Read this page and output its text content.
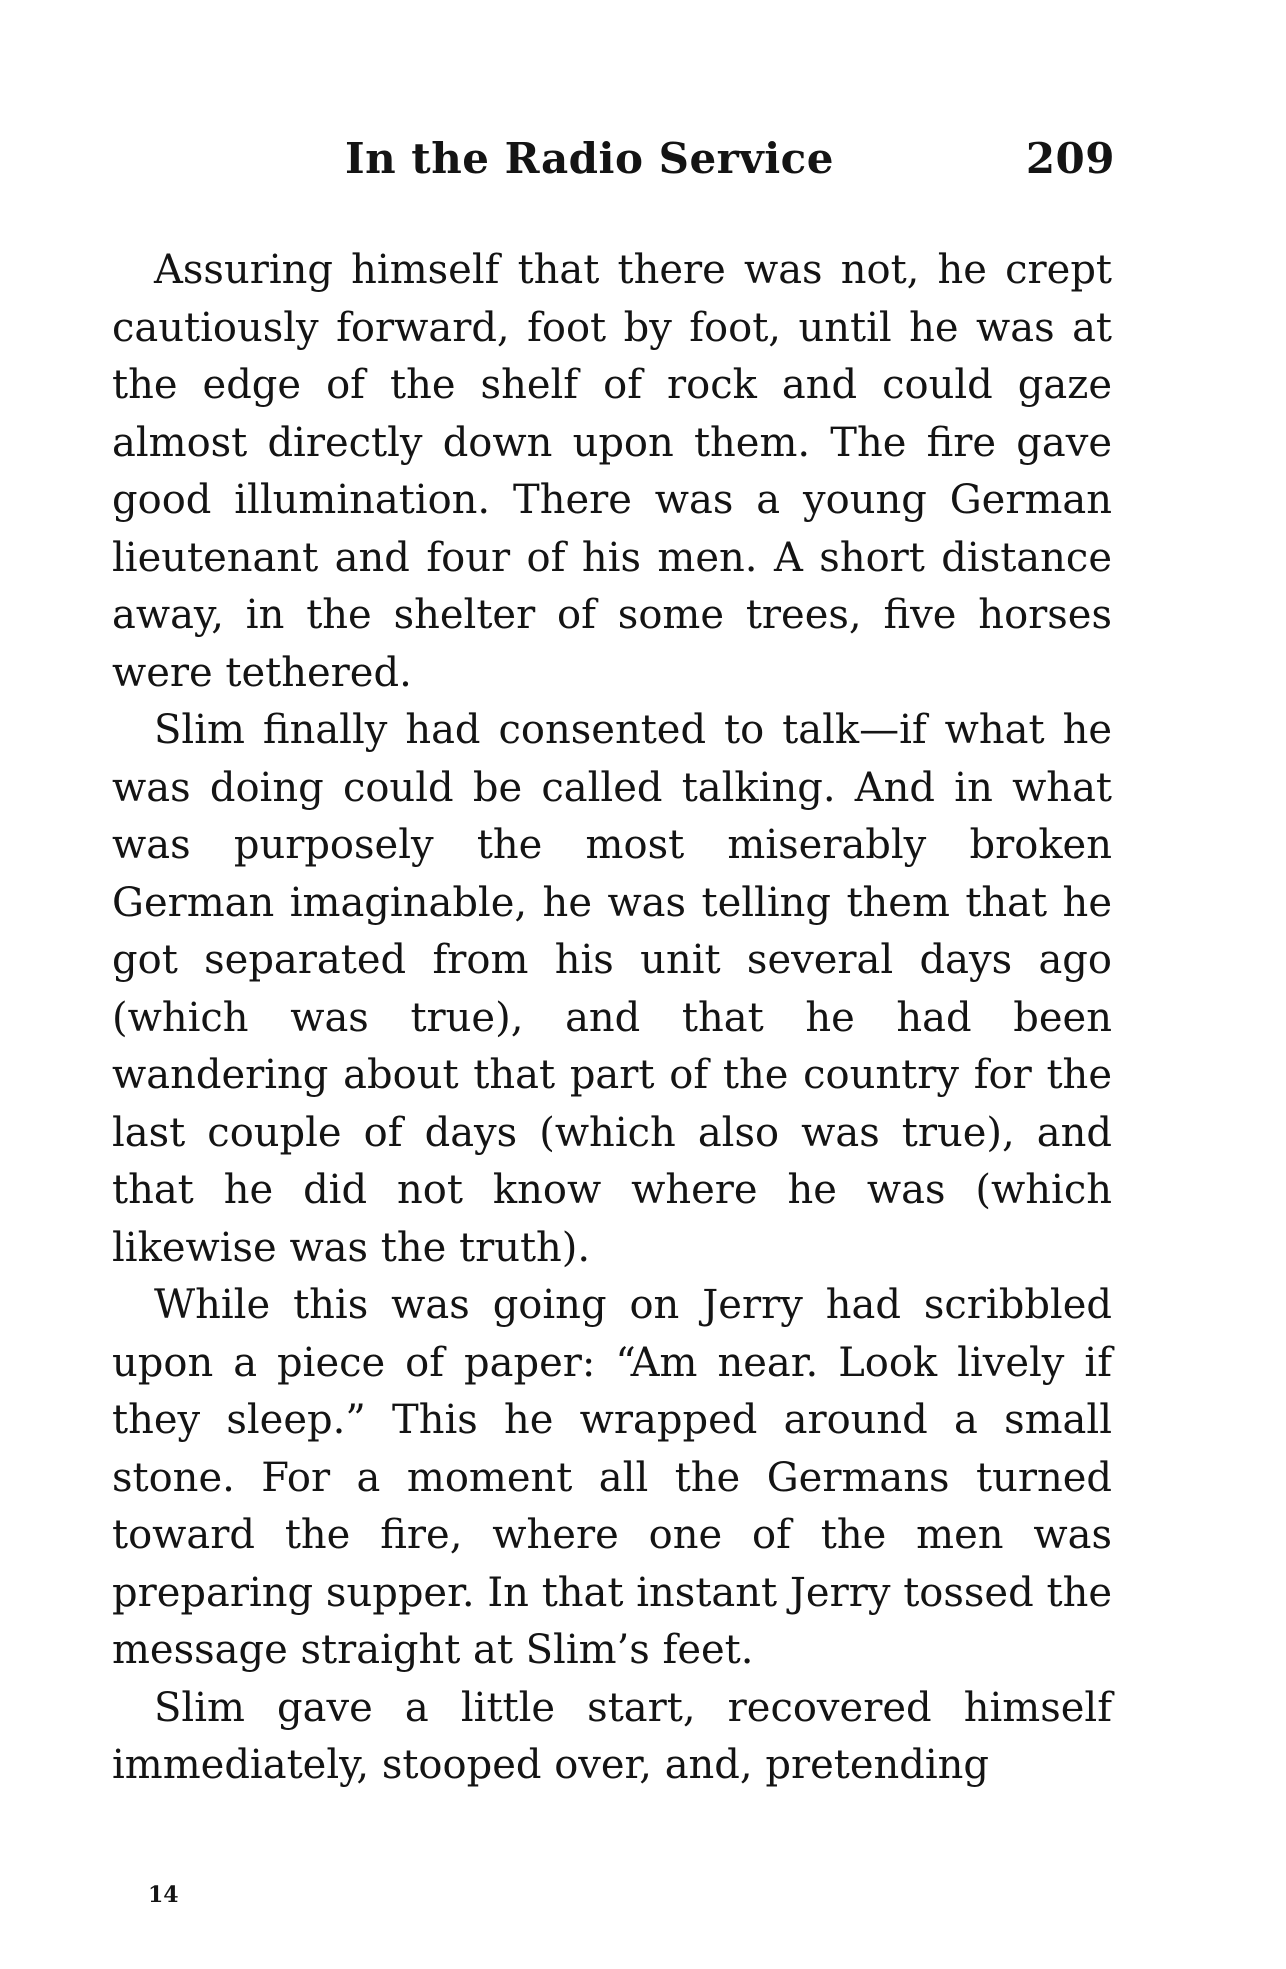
In the Radio Service	209

Assuring himself that there was not, he crept cautiously forward, foot by foot, until he was at the edge of the shelf of rock and could gaze almost directly down upon them. The fire gave good illumination. There was a young German lieutenant and four of his men. A short distance away, in the shelter of some trees, five horses were tethered.

Slim finally had consented to talk—if what he was doing could be called talking. And in what was purposely the most miserably broken German imaginable, he was telling them that he got separated from his unit several days ago (which was true), and that he had been wandering about that part of the country for the last couple of days (which also was true), and that he did not know where he was (which likewise was the truth).

While this was going on Jerry had scribbled upon a piece of paper: “Am near. Look lively if they sleep.” This he wrapped around a small stone. For a moment all the Germans turned toward the fire, where one of the men was preparing supper. In that instant Jerry tossed the message straight at Slim’s feet.

Slim gave a little start, recovered himself immediately, stooped over, and, pretending

14
